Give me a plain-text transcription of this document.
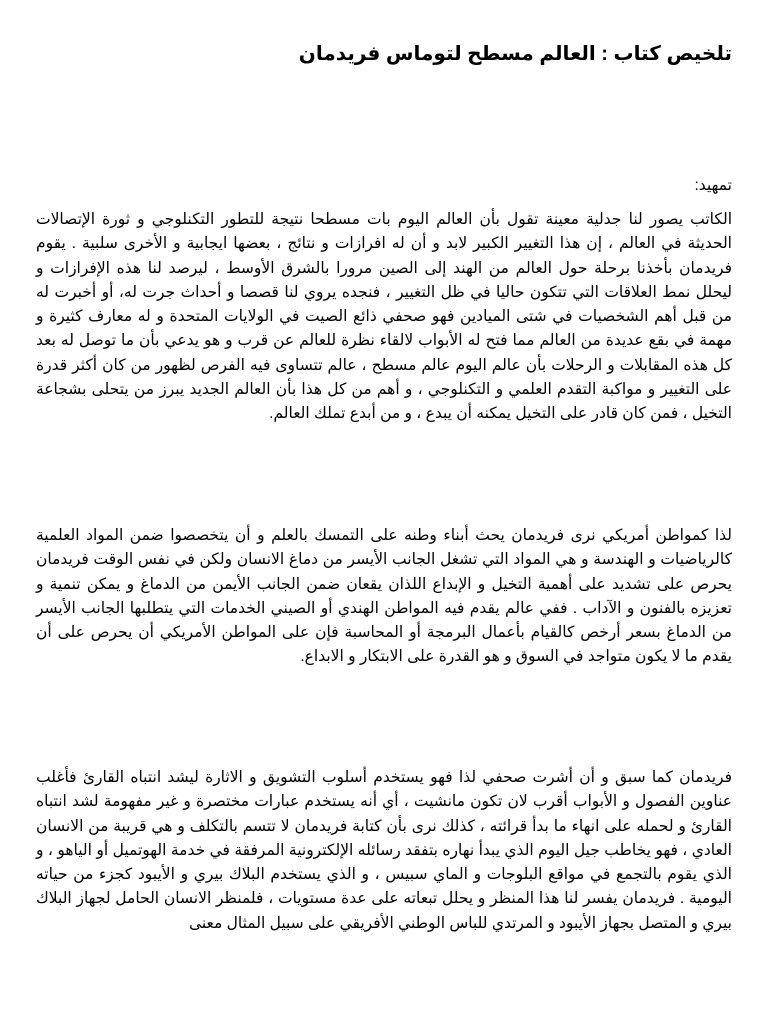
تلخيص كتاب : العالم مسطح لتوماس فريدمان

تمهيد:

الكاتب يصور لنا جدلية معينة تقول بأن العالم اليوم بات مسطحا نتيجة للتطور التكنلوجي و ثورة الإتصالات الحديثة في العالم ، إن هذا التغيير الكبير لابد و أن له افرازات و نتائج ، بعضها ايجابية و الأخرى سلبية . يقوم فريدمان بأخذنا برحلة حول العالم من الهند إلى الصين مرورا بالشرق الأوسط ، ليرصد لنا هذه الإفرازات و ليحلل نمط العلاقات التي تتكون حاليا في ظل التغيير ، فنجده يروي لنا قصصا و أحداث جرت له، أو أخبرت له من قبل أهم الشخصيات في شتى الميادين فهو صحفي ذائع الصيت في الولايات المتحدة و له معارف كثيرة و مهمة في بقع عديدة من العالم مما فتح له الأبواب لالقاء نظرة للعالم عن قرب و هو يدعي بأن ما توصل له بعد كل هذه المقابلات و الرحلات بأن عالم اليوم عالم مسطح ، عالم تتساوى فيه الفرص لظهور من كان أكثر قدرة على التغيير و مواكبة التقدم العلمي و التكنلوجي ، و أهم من كل هذا بأن العالم الجديد يبرز من يتحلى بشجاعة التخيل ، فمن كان قادر على التخيل يمكنه أن يبدع ، و من أبدع تملك العالم.

لذا كمواطن أمريكي نرى فريدمان يحث أبناء وطنه على التمسك بالعلم و أن يتخصصوا ضمن المواد العلمية كالرياضيات و الهندسة و هي المواد التي تشغل الجانب الأيسر من دماغ الانسان ولكن في نفس الوقت فريدمان يحرص على تشديد على أهمية التخيل و الإبداع اللذان يقعان ضمن الجانب الأيمن من الدماغ و يمكن تنمية و تعزيزه بالفنون و الآداب . ففي عالم يقدم فيه المواطن الهندي أو الصيني الخدمات التي يتطلبها الجانب الأيسر من الدماغ بسعر أرخص كالقيام بأعمال البرمجة أو المحاسبة فإن على المواطن الأمريكي أن يحرص على أن يقدم ما لا يكون متواجد في السوق و هو القدرة على الابتكار و الابداع.

فريدمان كما سبق و أن أشرت صحفي لذا فهو يستخدم أسلوب التشويق و الاثارة ليشد انتباه القارئ فأغلب عناوين الفصول و الأبواب أقرب لان تكون مانشيت ، أي أنه يستخدم عبارات مختصرة و غير مفهومة لشد انتباه القارئ و لحمله على انهاء ما بدأ قرائته ، كذلك نرى بأن كتابة فريدمان لا تتسم بالتكلف و هي قريبة من الانسان العادي ، فهو يخاطب جيل اليوم الذي يبدأ نهاره بتفقد رسائله الإلكترونية المرفقة في خدمة الهوتميل أو الياهو ، و الذي يقوم بالتجمع في مواقع البلوجات و الماي سبيس ، و الذي يستخدم البلاك بيري و الأيبود كجزء من حياته اليومية . فريدمان يفسر لنا هذا المنظر و يحلل تبعاته على عدة مستويات ، فلمنظر الانسان الحامل لجهاز البلاك بيري و المتصل بجهاز الأيبود و المرتدي للباس الوطني الأفريقي على سبيل المثال معنى
